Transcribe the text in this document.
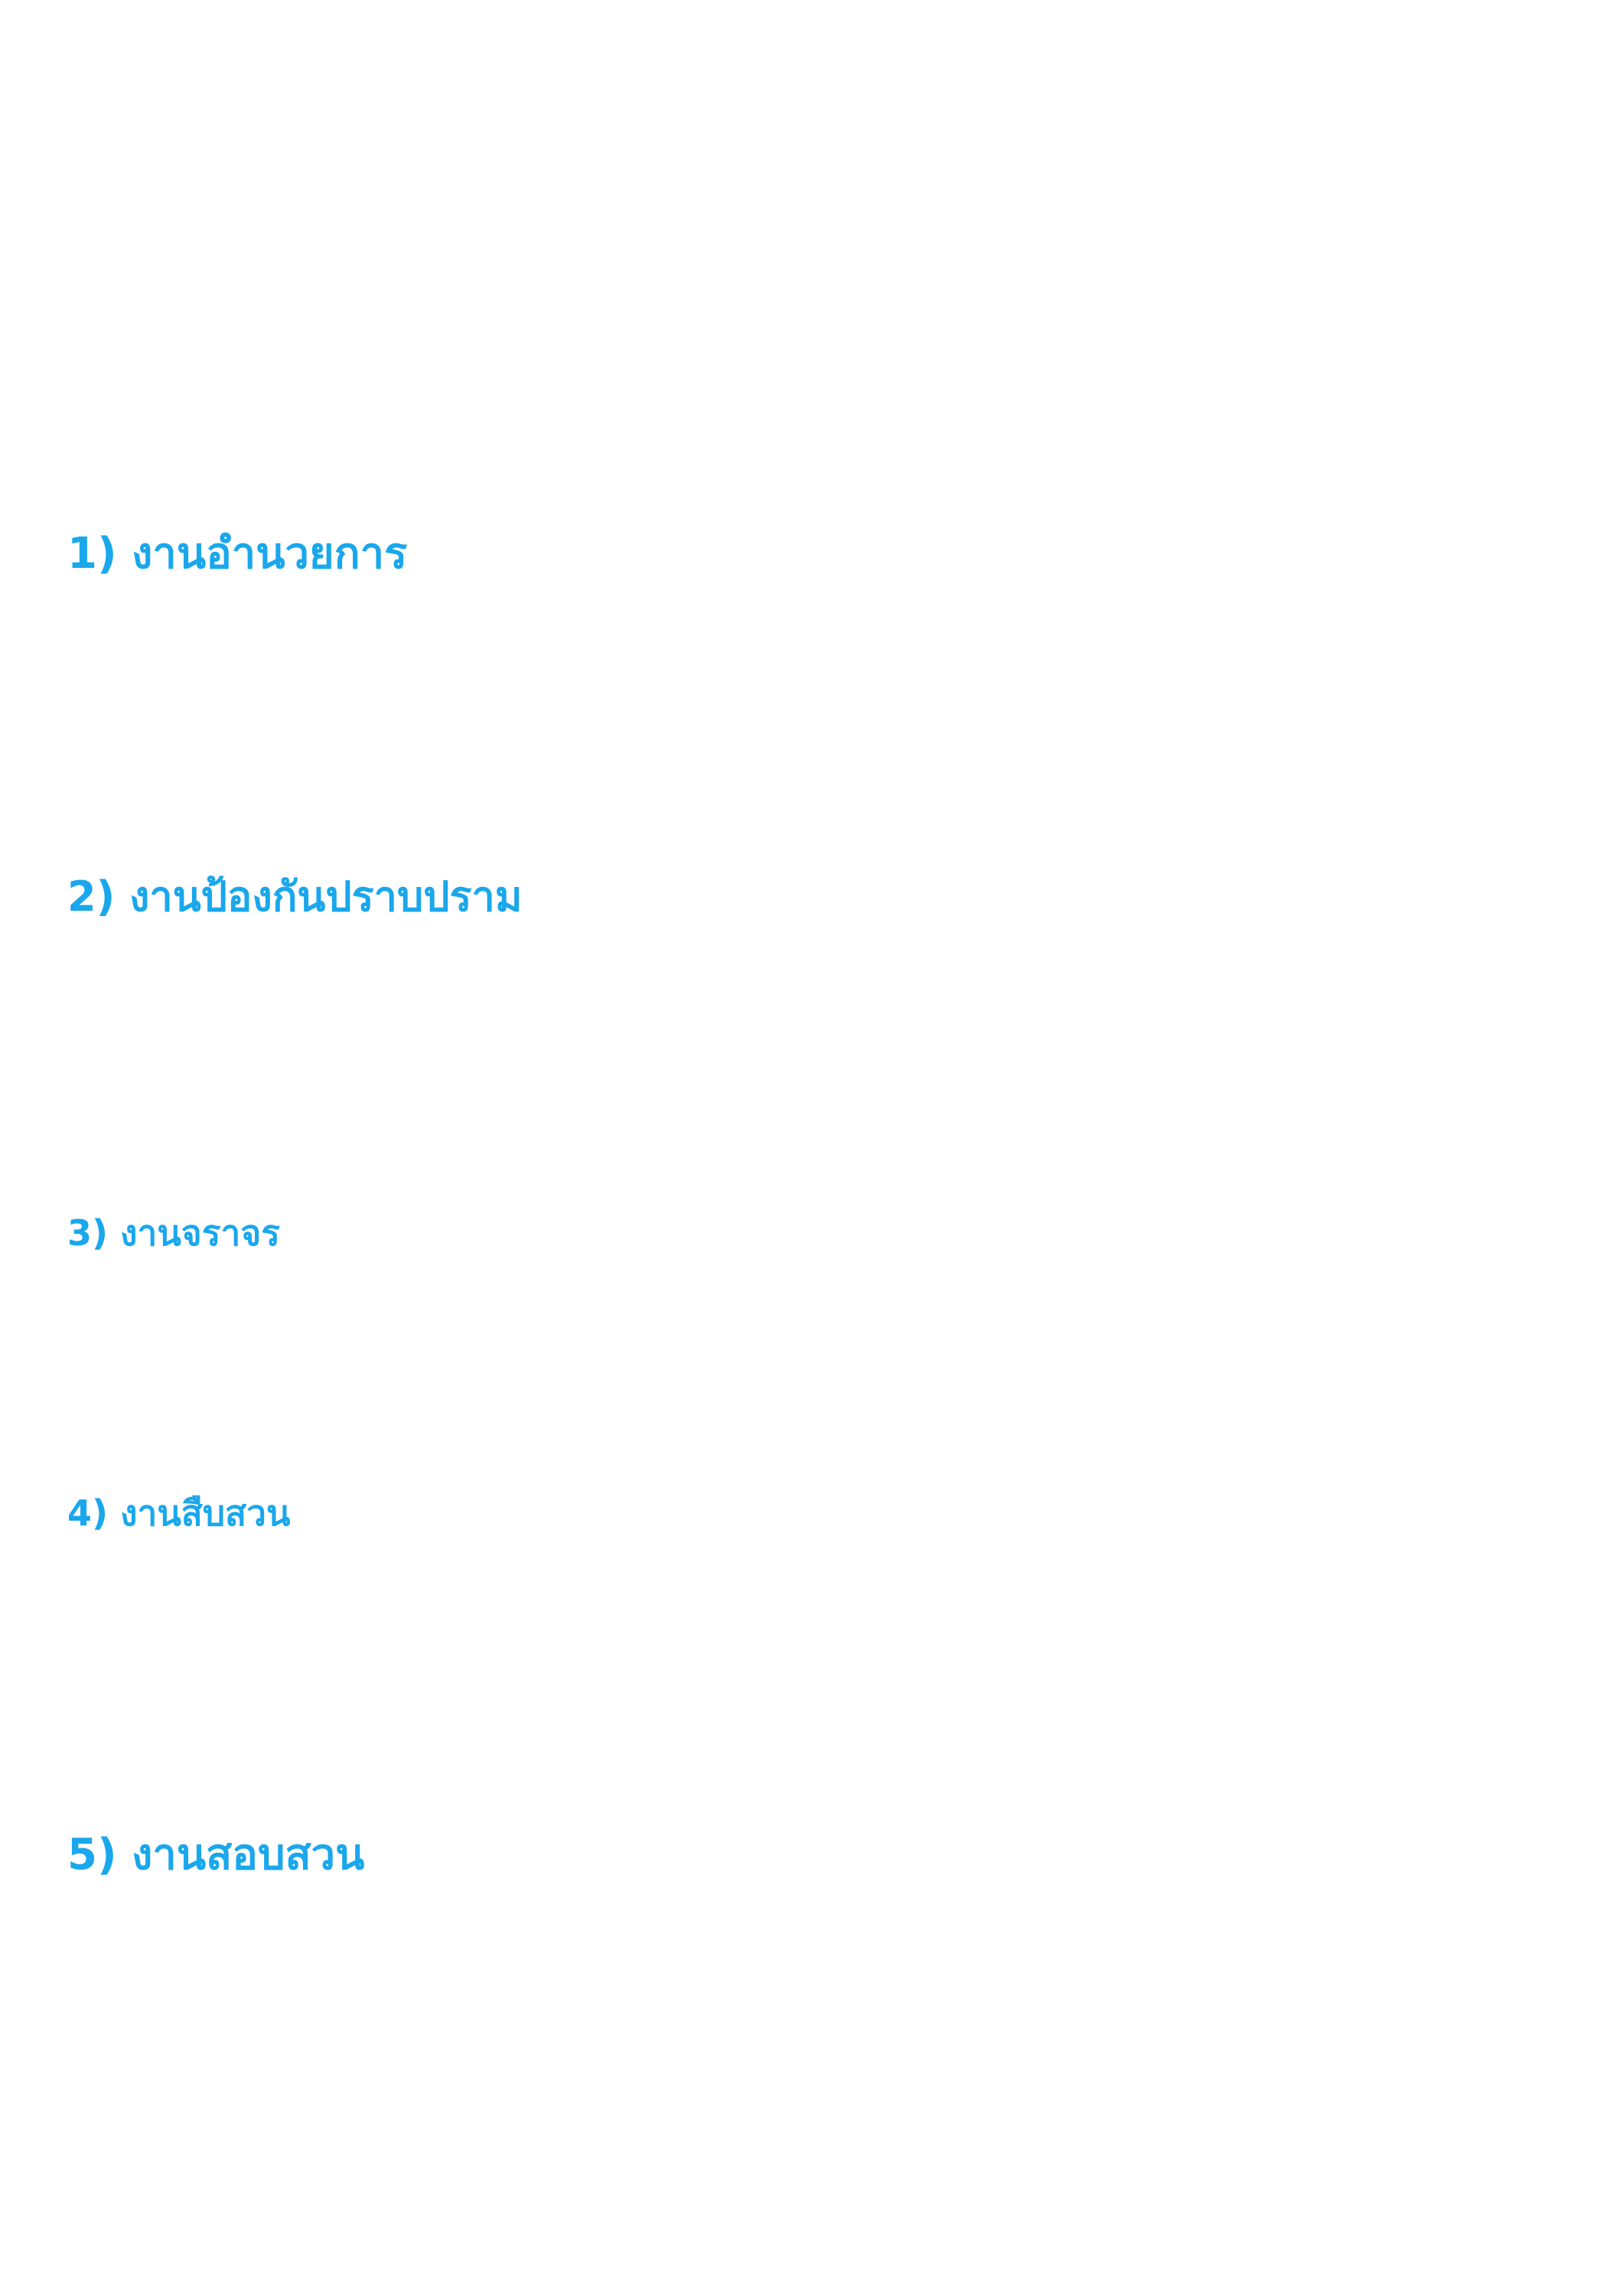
1) งานอำนวยการ
2) งานป้องกันปราบปราม
3) งานจราจร
4) งานสืบสวน
5) งานสอบสวน
